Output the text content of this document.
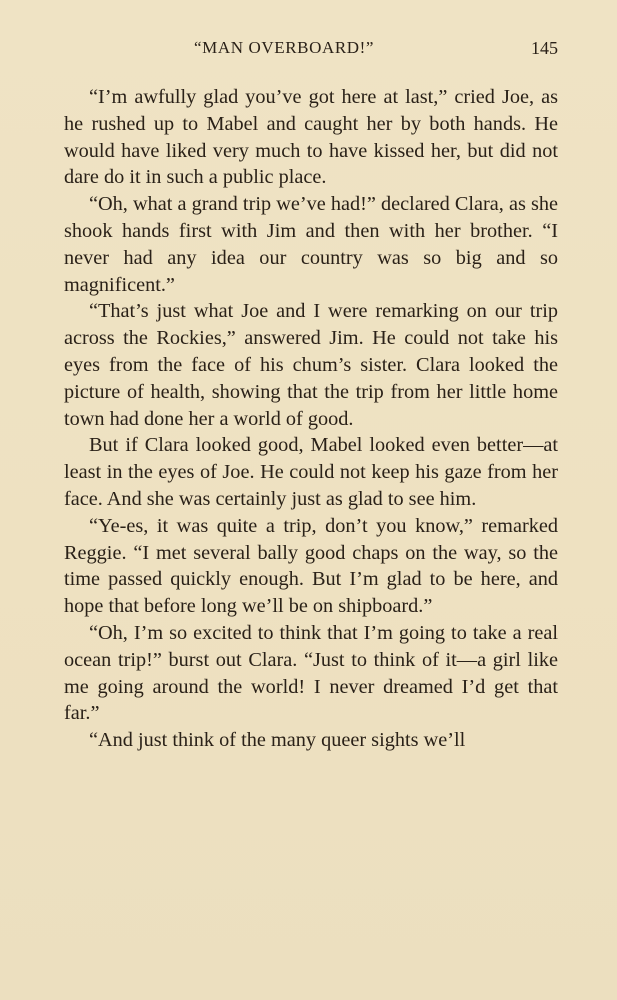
“MAN OVERBOARD!”	145

“I’m awfully glad you’ve got here at last,” cried Joe, as he rushed up to Mabel and caught her by both hands. He would have liked very much to have kissed her, but did not dare do it in such a public place.

“Oh, what a grand trip we’ve had!” declared Clara, as she shook hands first with Jim and then with her brother. “I never had any idea our country was so big and so magnificent.”

“That’s just what Joe and I were remarking on our trip across the Rockies,” answered Jim. He could not take his eyes from the face of his chum’s sister. Clara looked the picture of health, showing that the trip from her little home town had done her a world of good.

But if Clara looked good, Mabel looked even better—at least in the eyes of Joe. He could not keep his gaze from her face. And she was certainly just as glad to see him.

“Ye-es, it was quite a trip, don’t you know,” remarked Reggie. “I met several bally good chaps on the way, so the time passed quickly enough. But I’m glad to be here, and hope that before long we’ll be on shipboard.”

“Oh, I’m so excited to think that I’m going to take a real ocean trip!” burst out Clara. “Just to think of it—a girl like me going around the world! I never dreamed I’d get that far.”

“And just think of the many queer sights we’ll
